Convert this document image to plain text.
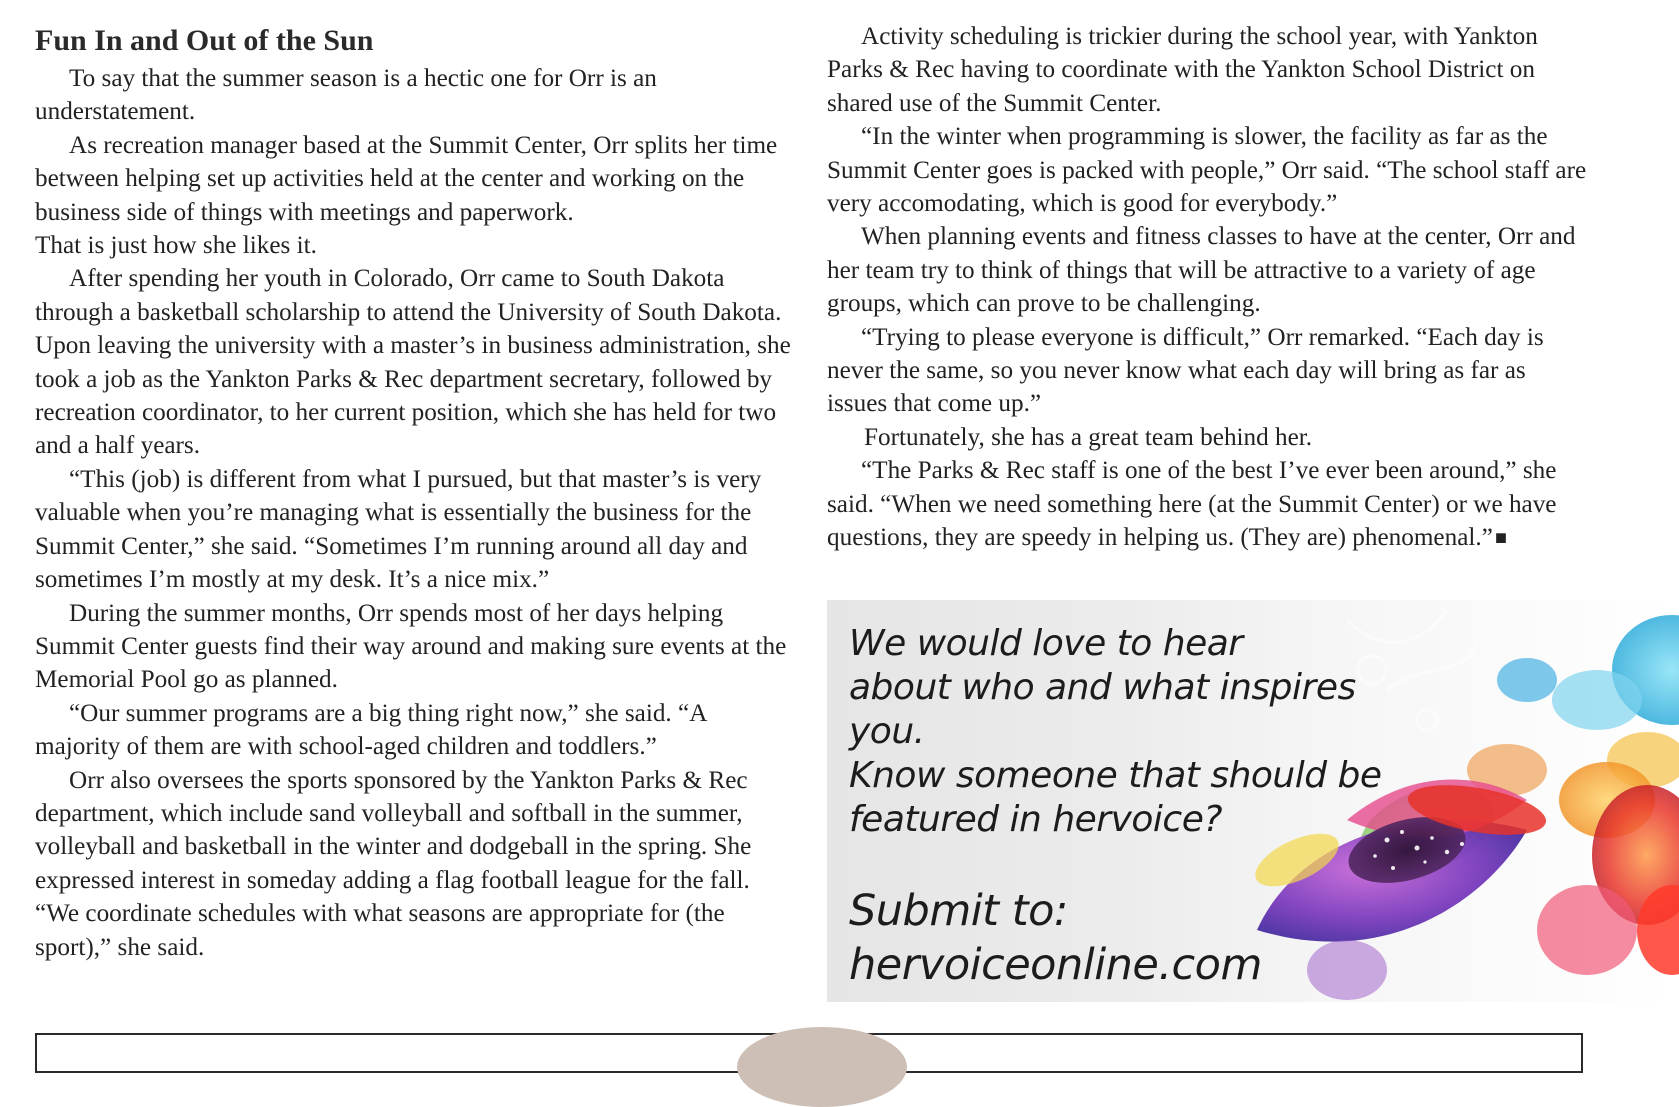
Fun In and Out of the Sun

To say that the summer season is a hectic one for Orr is an understatement.

As recreation manager based at the Summit Center, Orr splits her time between helping set up activities held at the center and working on the business side of things with meetings and paperwork.

That is just how she likes it.

After spending her youth in Colorado, Orr came to South Dakota through a basketball scholarship to attend the University of South Dakota. Upon leaving the university with a master’s in business administration, she took a job as the Yankton Parks & Rec department secretary, followed by recreation coordinator, to her current position, which she has held for two and a half years.

“This (job) is different from what I pursued, but that master’s is very valuable when you’re managing what is essentially the business for the Summit Center,” she said. “Sometimes I’m running around all day and sometimes I’m mostly at my desk. It’s a nice mix.”

During the summer months, Orr spends most of her days helping Summit Center guests find their way around and making sure events at the Memorial Pool go as planned.

“Our summer programs are a big thing right now,” she said. “A majority of them are with school-aged children and toddlers.”

Orr also oversees the sports sponsored by the Yankton Parks & Rec department, which include sand volleyball and softball in the summer, volleyball and basketball in the winter and dodgeball in the spring. She expressed interest in someday adding a flag football league for the fall. “We coordinate schedules with what seasons are appropriate for (the sport),” she said.

Activity scheduling is trickier during the school year, with Yankton Parks & Rec having to coordinate with the Yankton School District on shared use of the Summit Center.

“In the winter when programming is slower, the facility as far as the Summit Center goes is packed with people,” Orr said. “The school staff are very accomodating, which is good for everybody.”

When planning events and fitness classes to have at the center, Orr and her team try to think of things that will be attractive to a variety of age groups, which can prove to be challenging.

“Trying to please everyone is difficult,” Orr remarked. “Each day is never the same, so you never know what each day will bring as far as issues that come up.”

Fortunately, she has a great team behind her.

“The Parks & Rec staff is one of the best I’ve ever been around,” she said. “When we need something here (at the Summit Center) or we have questions, they are speedy in helping us. (They are) phenomenal.” ■

We would love to hear

about who and what inspires you.

Know someone that should be

featured in hervoice?

Submit to:

hervoiceonline.com
